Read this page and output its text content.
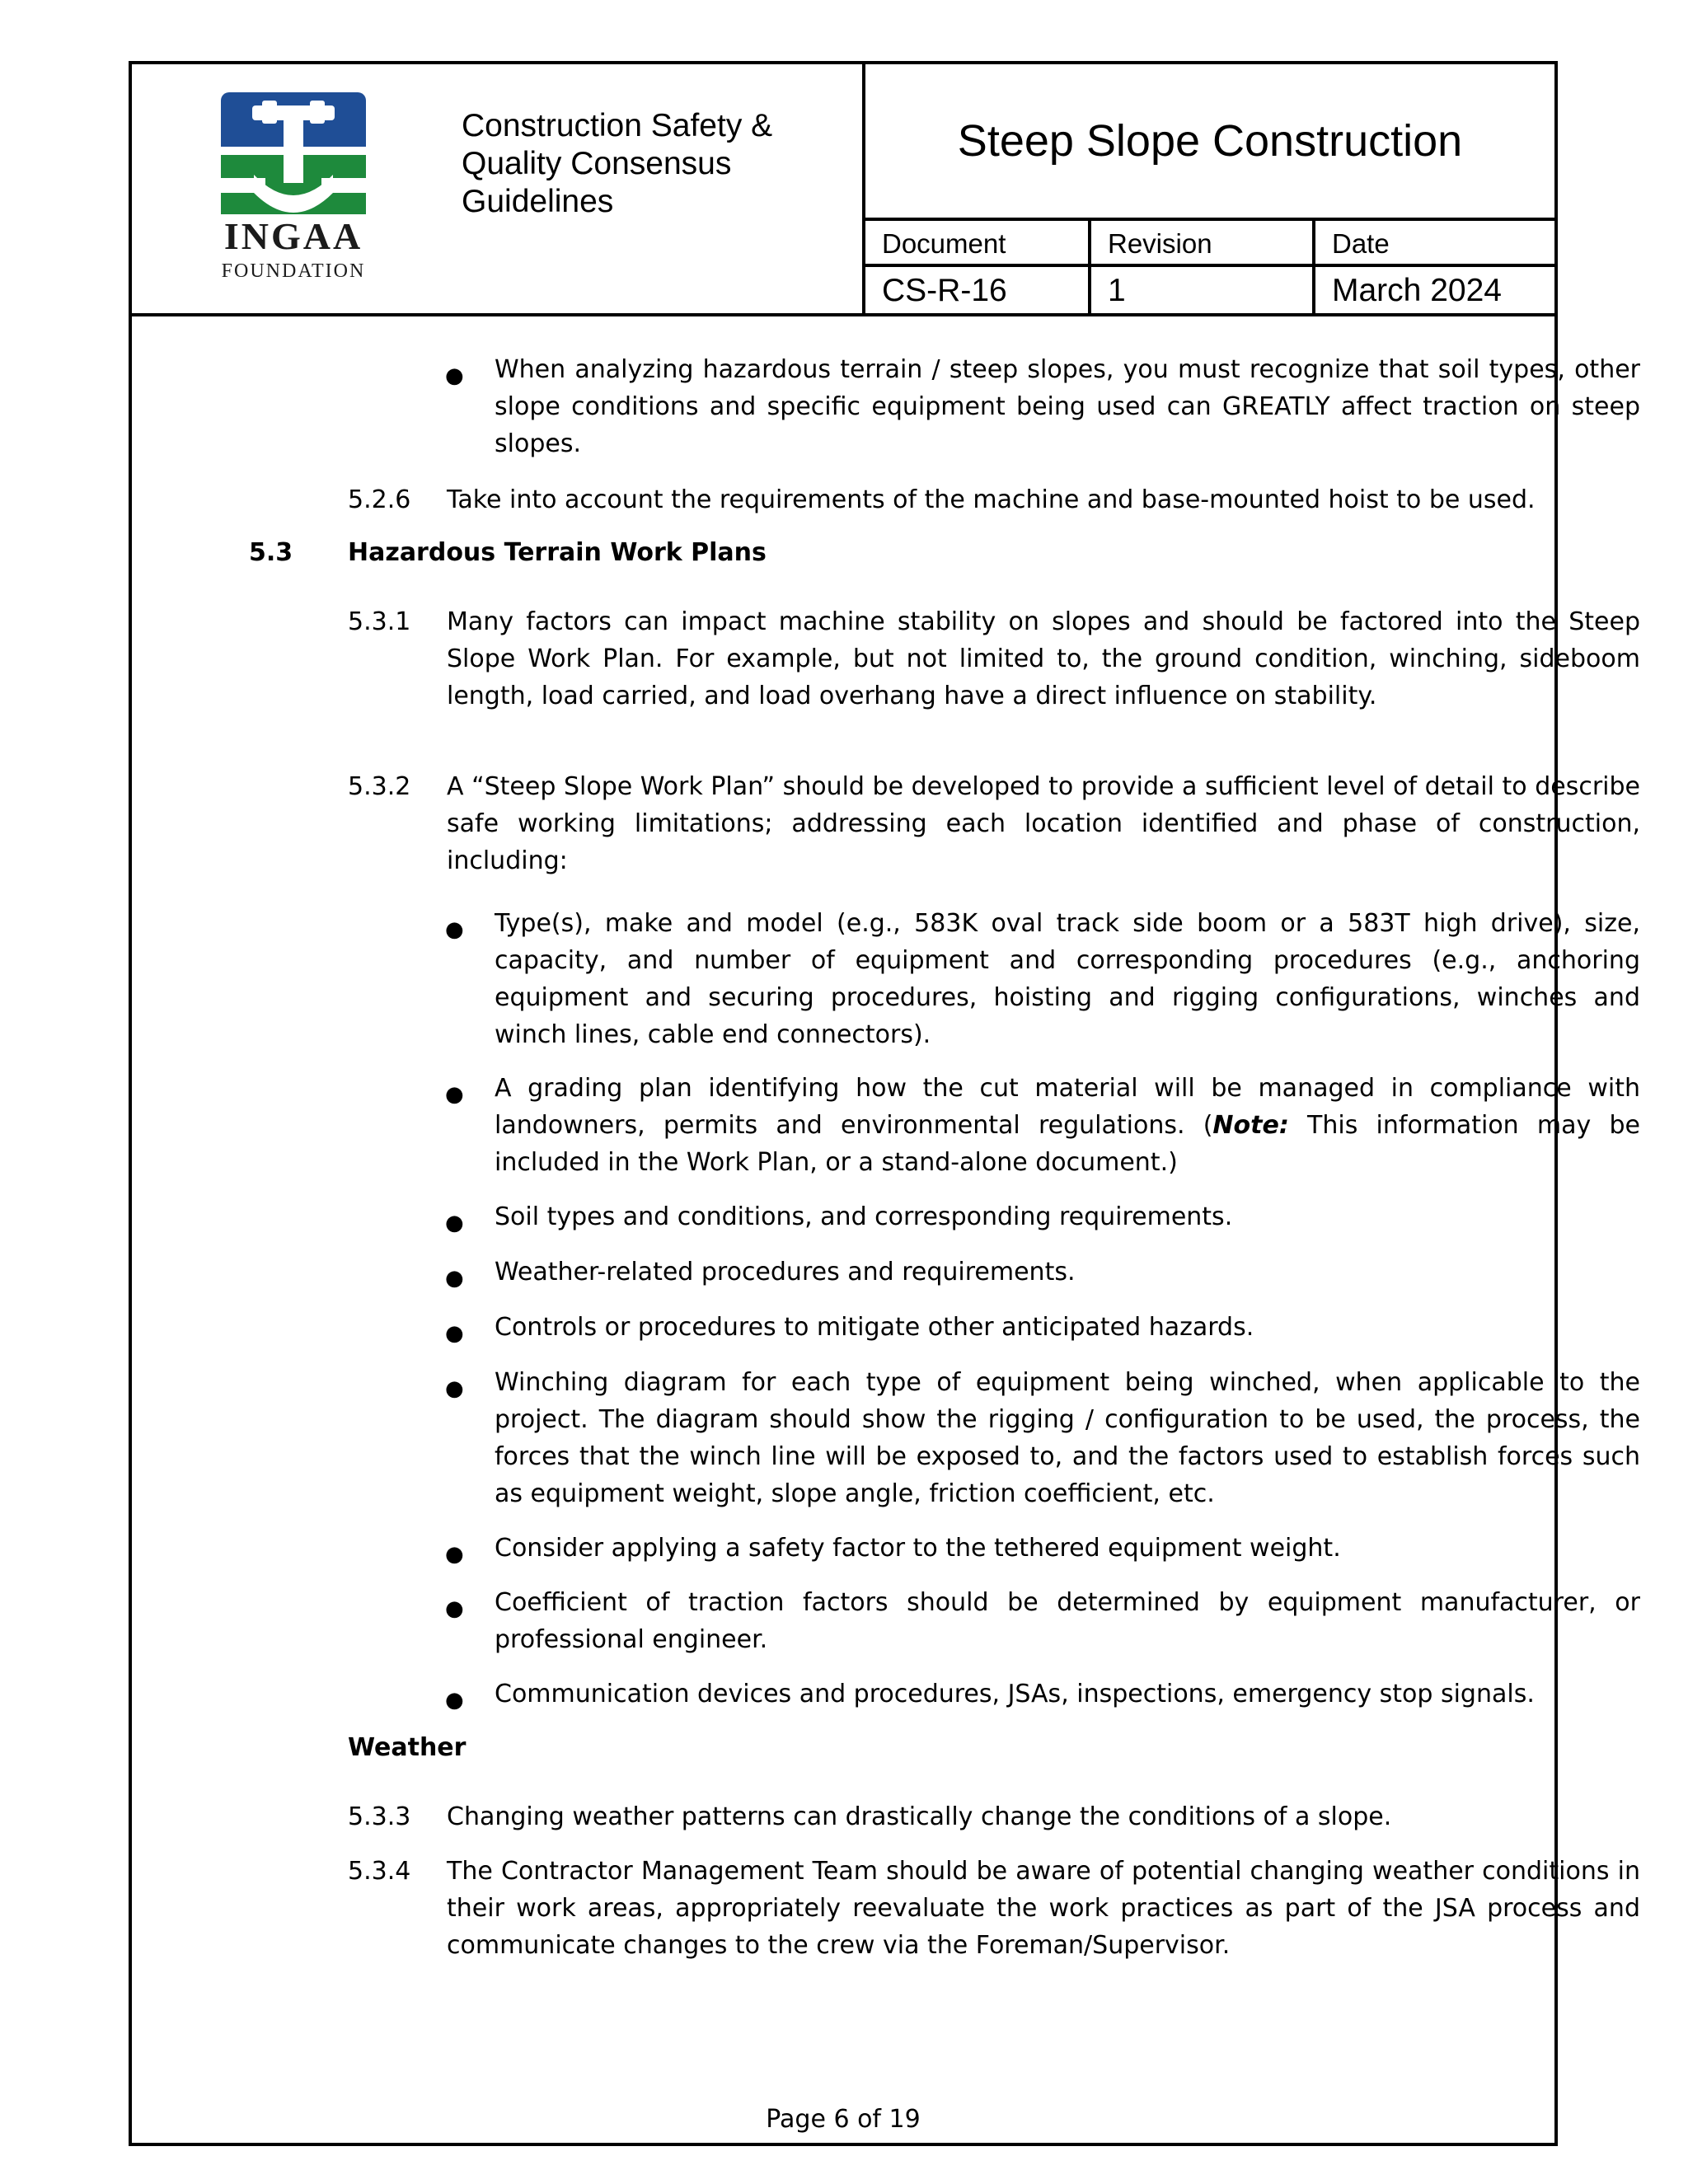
INGAA
FOUNDATION
Construction Safety & Quality Consensus Guidelines
Steep Slope Construction
Document	Revision	Date
CS-R-16	1	March 2024
● When analyzing hazardous terrain / steep slopes, you must recognize that soil types, other slope conditions and specific equipment being used can GREATLY affect traction on steep slopes.
5.2.6 Take into account the requirements of the machine and base-mounted hoist to be used.
5.3 Hazardous Terrain Work Plans
5.3.1 Many factors can impact machine stability on slopes and should be factored into the Steep Slope Work Plan. For example, but not limited to, the ground condition, winching, sideboom length, load carried, and load overhang have a direct influence on stability.
5.3.2 A “Steep Slope Work Plan” should be developed to provide a sufficient level of detail to describe safe working limitations; addressing each location identified and phase of construction, including:
● Type(s), make and model (e.g., 583K oval track side boom or a 583T high drive), size, capacity, and number of equipment and corresponding procedures (e.g., anchoring equipment and securing procedures, hoisting and rigging configurations, winches and winch lines, cable end connectors).
● A grading plan identifying how the cut material will be managed in compliance with landowners, permits and environmental regulations. (Note: This information may be included in the Work Plan, or a stand-alone document.)
● Soil types and conditions, and corresponding requirements.
● Weather-related procedures and requirements.
● Controls or procedures to mitigate other anticipated hazards.
● Winching diagram for each type of equipment being winched, when applicable to the project. The diagram should show the rigging / configuration to be used, the process, the forces that the winch line will be exposed to, and the factors used to establish forces such as equipment weight, slope angle, friction coefficient, etc.
● Consider applying a safety factor to the tethered equipment weight.
● Coefficient of traction factors should be determined by equipment manufacturer, or professional engineer.
● Communication devices and procedures, JSAs, inspections, emergency stop signals.
Weather
5.3.3 Changing weather patterns can drastically change the conditions of a slope.
5.3.4 The Contractor Management Team should be aware of potential changing weather conditions in their work areas, appropriately reevaluate the work practices as part of the JSA process and communicate changes to the crew via the Foreman/Supervisor.
Page 6 of 19
